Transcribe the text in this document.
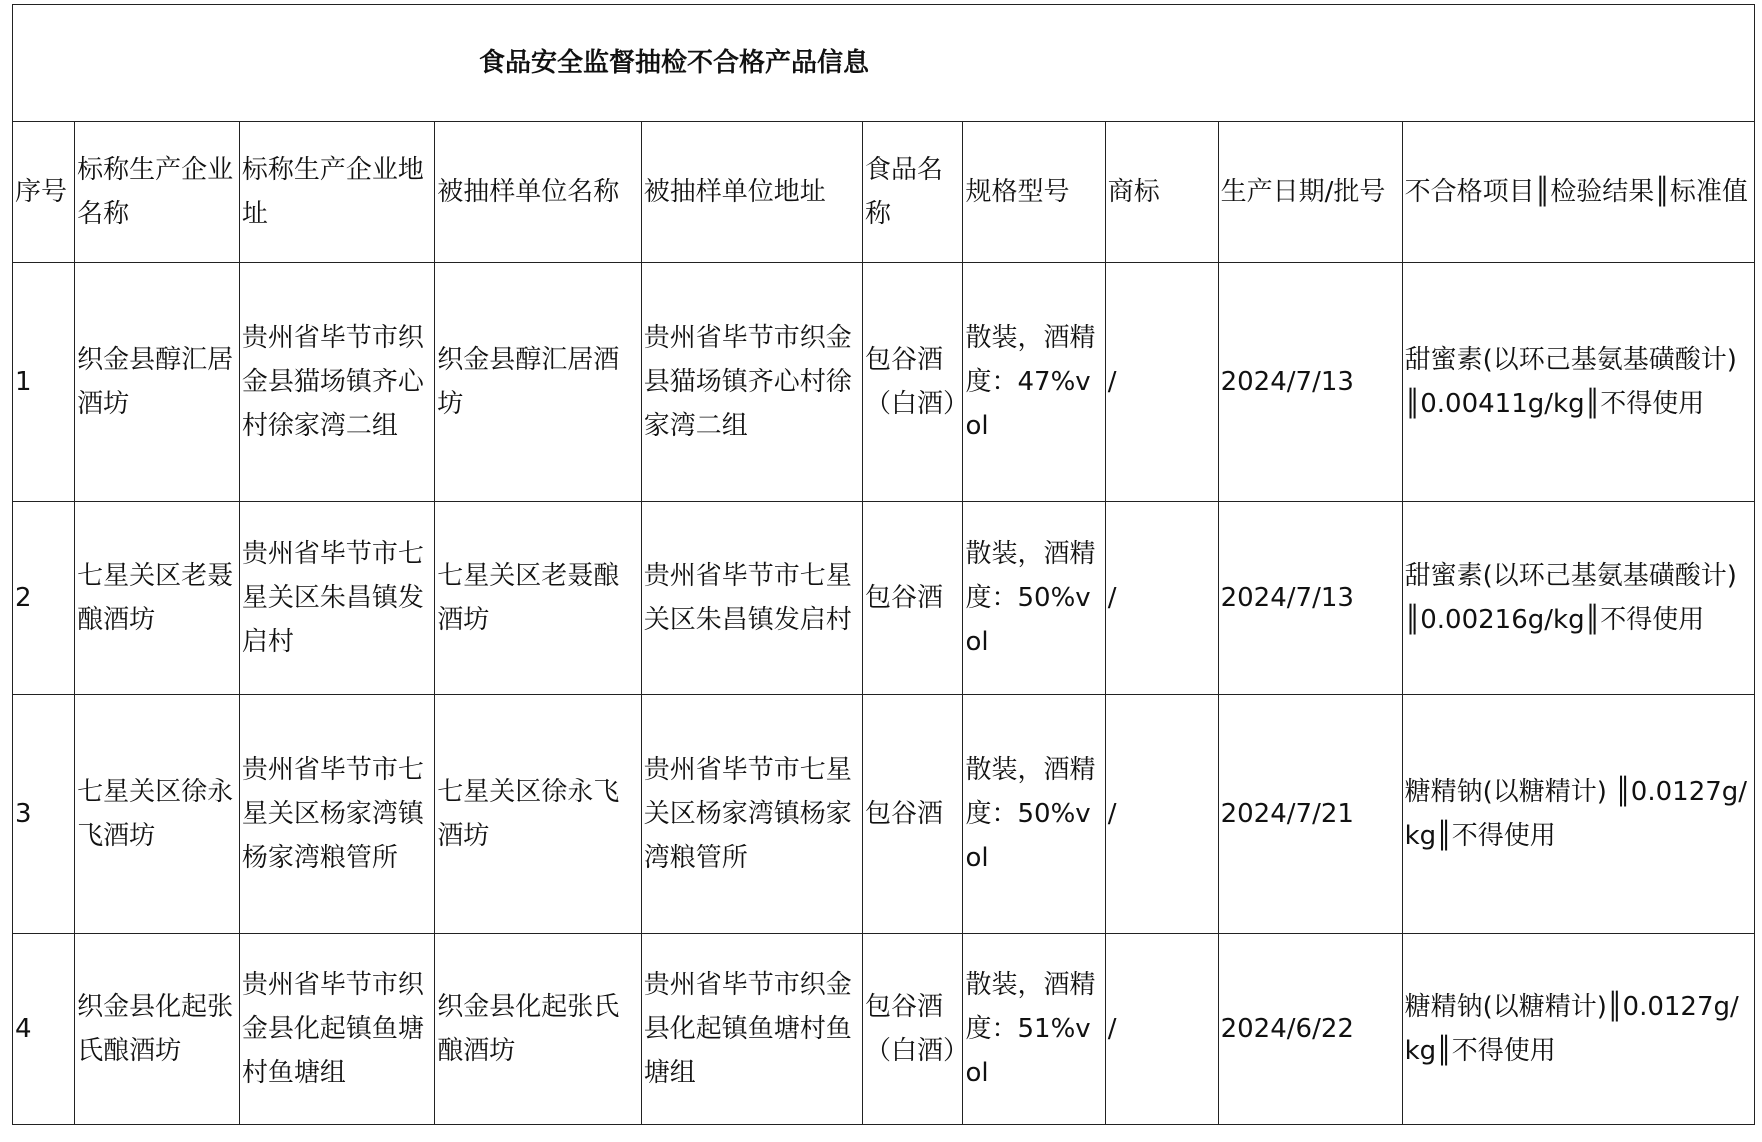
食品安全监督抽检不合格产品信息									
序号	标称生产企业名称	标称生产企业地址	被抽样单位名称	被抽样单位地址	食品名称	规格型号	商标	生产日期/批号	不合格项目║检验结果║标准值
1	织金县醇汇居酒坊	贵州省毕节市织金县猫场镇齐心村徐家湾二组	织金县醇汇居酒坊	贵州省毕节市织金县猫场镇齐心村徐家湾二组	包谷酒（白酒）	散装，酒精度：47%vol	/	2024/7/13	甜蜜素(以环己基氨基磺酸计)║0.00411g/kg║不得使用
2	七星关区老聂酿酒坊	贵州省毕节市七星关区朱昌镇发启村	七星关区老聂酿酒坊	贵州省毕节市七星关区朱昌镇发启村	包谷酒	散装，酒精度：50%vol	/	2024/7/13	甜蜜素(以环己基氨基磺酸计)║0.00216g/kg║不得使用
3	七星关区徐永飞酒坊	贵州省毕节市七星关区杨家湾镇杨家湾粮管所	七星关区徐永飞酒坊	贵州省毕节市七星关区杨家湾镇杨家湾粮管所	包谷酒	散装，酒精度：50%vol	/	2024/7/21	糖精钠(以糖精计) ║0.0127g/kg║不得使用
4	织金县化起张氏酿酒坊	贵州省毕节市织金县化起镇鱼塘村鱼塘组	织金县化起张氏酿酒坊	贵州省毕节市织金县化起镇鱼塘村鱼塘组	包谷酒（白酒）	散装，酒精度：51%vol	/	2024/6/22	糖精钠(以糖精计)║0.0127g/kg║不得使用
